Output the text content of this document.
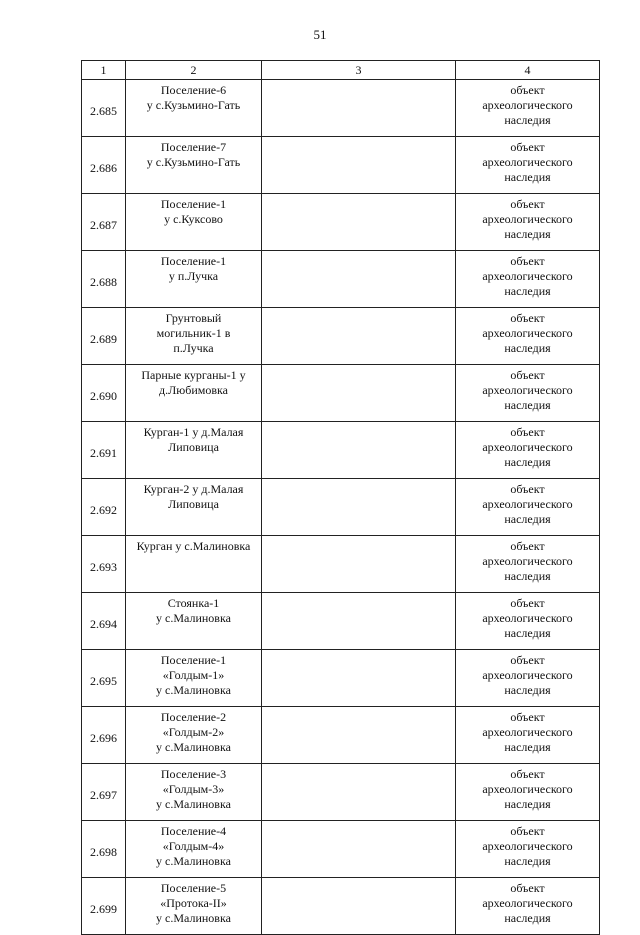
51
1	2	3	4
2.685	Поселение-6
у с.Кузьмино-Гать		объект
археологического
наследия
2.686	Поселение-7
у с.Кузьмино-Гать		объект
археологического
наследия
2.687	Поселение-1
у с.Куксово		объект
археологического
наследия
2.688	Поселение-1
у п.Лучка		объект
археологического
наследия
2.689	Грунтовый
могильник-1 в
п.Лучка		объект
археологического
наследия
2.690	Парные курганы-1 у
д.Любимовка		объект
археологического
наследия
2.691	Курган-1 у д.Малая
Липовица		объект
археологического
наследия
2.692	Курган-2 у д.Малая
Липовица		объект
археологического
наследия
2.693	Курган у с.Малиновка		объект
археологического
наследия
2.694	Стоянка-1
у с.Малиновка		объект
археологического
наследия
2.695	Поселение-1
«Голдым-1»
у с.Малиновка		объект
археологического
наследия
2.696	Поселение-2
«Голдым-2»
у с.Малиновка		объект
археологического
наследия
2.697	Поселение-3
«Голдым-3»
у с.Малиновка		объект
археологического
наследия
2.698	Поселение-4
«Голдым-4»
у с.Малиновка		объект
археологического
наследия
2.699	Поселение-5
«Протока-II»
у с.Малиновка		объект
археологического
наследия
